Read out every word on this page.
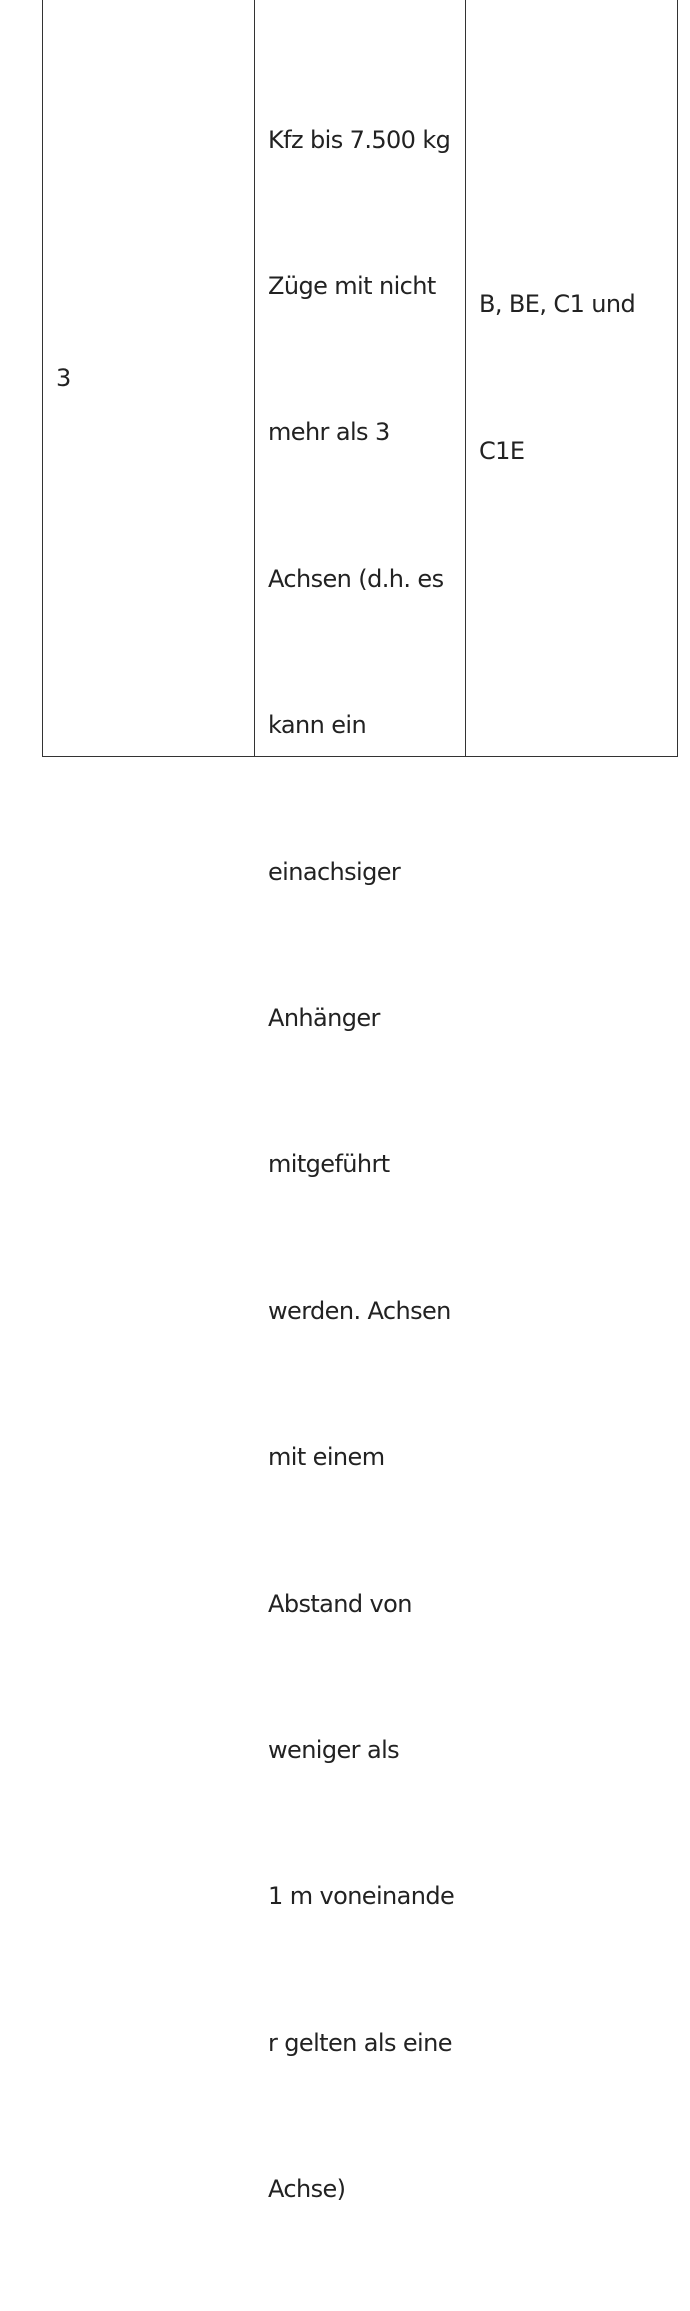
3

Kfz bis 7.500 kg

Züge mit nicht

mehr als 3

Achsen (d.h. es

kann ein

einachsiger

Anhänger

mitgeführt

werden. Achsen

mit einem

Abstand von

weniger als

1 m voneinande

r gelten als eine

Achse)

B, BE, C1 und

C1E
